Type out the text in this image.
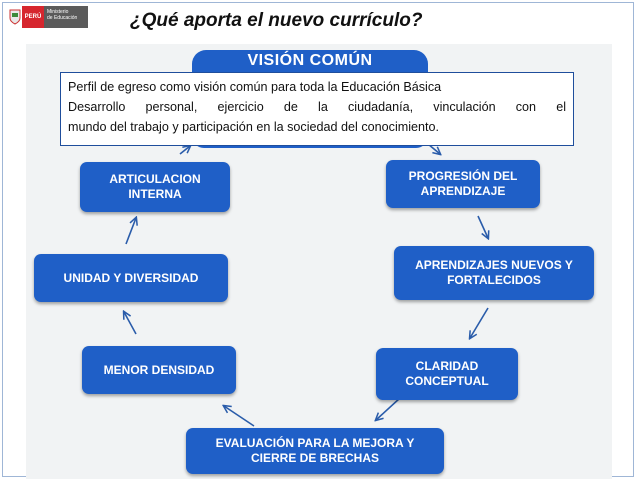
PERÚ
Ministerio
de Educación	¿Qué aporta el nuevo currículo?
VISIÓN COMÚN

Perfil de egreso como visión común para toda la Educación Básica

Desarrollo personal, ejercicio de la ciudadanía, vinculación con el

mundo del trabajo y participación en la sociedad del conocimiento.

PROGRESIÓN DEL
APRENDIZAJE
APRENDIZAJES NUEVOS Y
FORTALECIDOS
CLARIDAD
CONCEPTUAL
EVALUACIÓN PARA LA MEJORA Y
CIERRE DE BRECHAS
MENOR DENSIDAD
UNIDAD Y DIVERSIDAD
ARTICULACION
INTERNA
